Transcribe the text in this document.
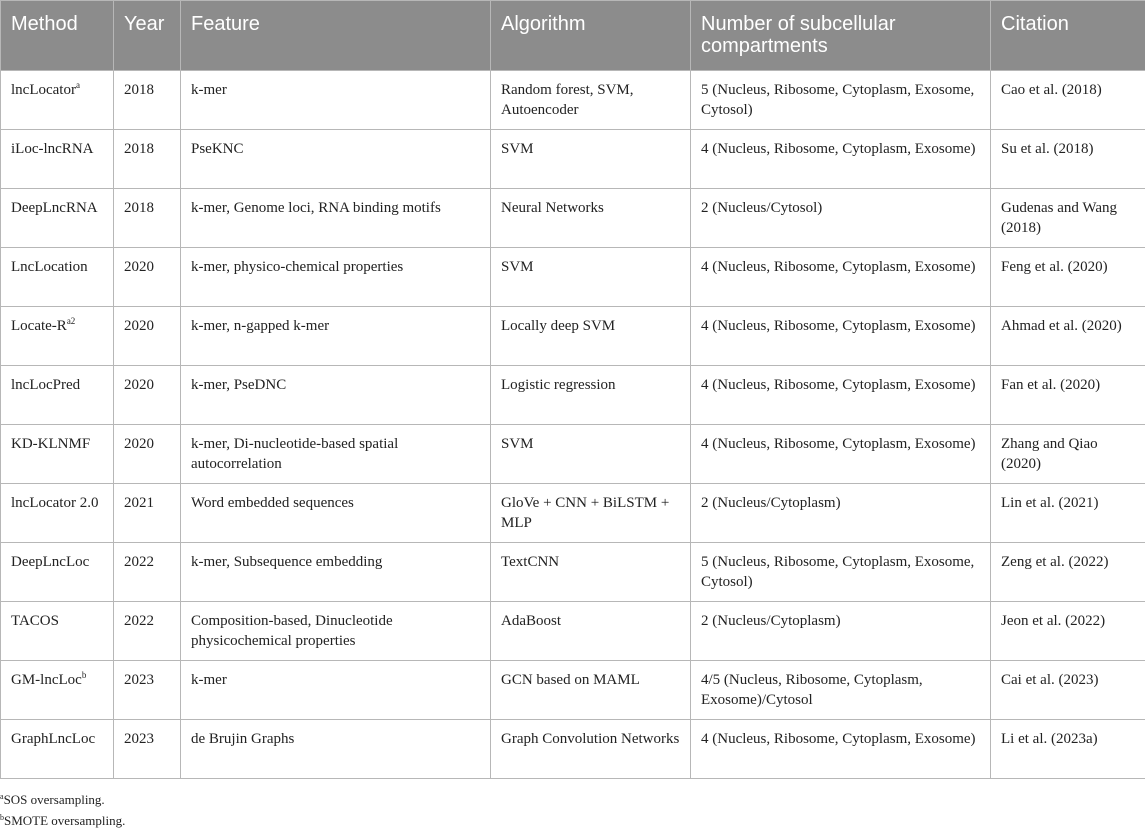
Method	Year	Feature	Algorithm	Number of subcellular compartments	Citation
lncLocator$^a$	2018	k-mer	Random forest, SVM, Autoencoder	5 (Nucleus, Ribosome, Cytoplasm, Exosome, Cytosol)	Cao et al. (2018)
iLoc-lncRNA	2018	PseKNC	SVM	4 (Nucleus, Ribosome, Cytoplasm, Exosome)	Su et al. (2018)
DeepLncRNA	2018	k-mer, Genome loci, RNA binding motifs	Neural Networks	2 (Nucleus/Cytosol)	Gudenas and Wang (2018)
LncLocation	2020	k-mer, physico-chemical properties	SVM	4 (Nucleus, Ribosome, Cytoplasm, Exosome)	Feng et al. (2020)
Locate-$R^{a2}$	2020	k-mer, n-gapped k-mer	Locally deep SVM	4 (Nucleus, Ribosome, Cytoplasm, Exosome)	Ahmad et al. (2020)
lncLocPred	2020	k-mer, PseDNC	Logistic regression	4 (Nucleus, Ribosome, Cytoplasm, Exosome)	Fan et al. (2020)
KD-KLNMF	2020	k-mer, Di-nucleotide-based spatial autocorrelation	SVM	4 (Nucleus, Ribosome, Cytoplasm, Exosome)	Zhang and Qiao (2020)
lncLocator 2.0	2021	Word embedded sequences	GloVe + CNN + BiLSTM + MLP	2 (Nucleus/Cytoplasm)	Lin et al. (2021)
DeepLncLoc	2022	k-mer, Subsequence embedding	TextCNN	5 (Nucleus, Ribosome, Cytoplasm, Exosome, Cytosol)	Zeng et al. (2022)
TACOS	2022	Composition-based, Dinucleotide physicochemical properties	AdaBoost	2 (Nucleus/Cytoplasm)	Jeon et al. (2022)
GM-lncLoc$^b$	2023	k-mer	GCN based on MAML	4/5 (Nucleus, Ribosome, Cytoplasm, Exosome)/Cytosol	Cai et al. (2023)
GraphLncLoc	2023	de Brujin Graphs	Graph Convolution Networks	4 (Nucleus, Ribosome, Cytoplasm, Exosome)	Li et al. (2023a)
$^a$SOS oversampling.
$^b$SMOTE oversampling.
